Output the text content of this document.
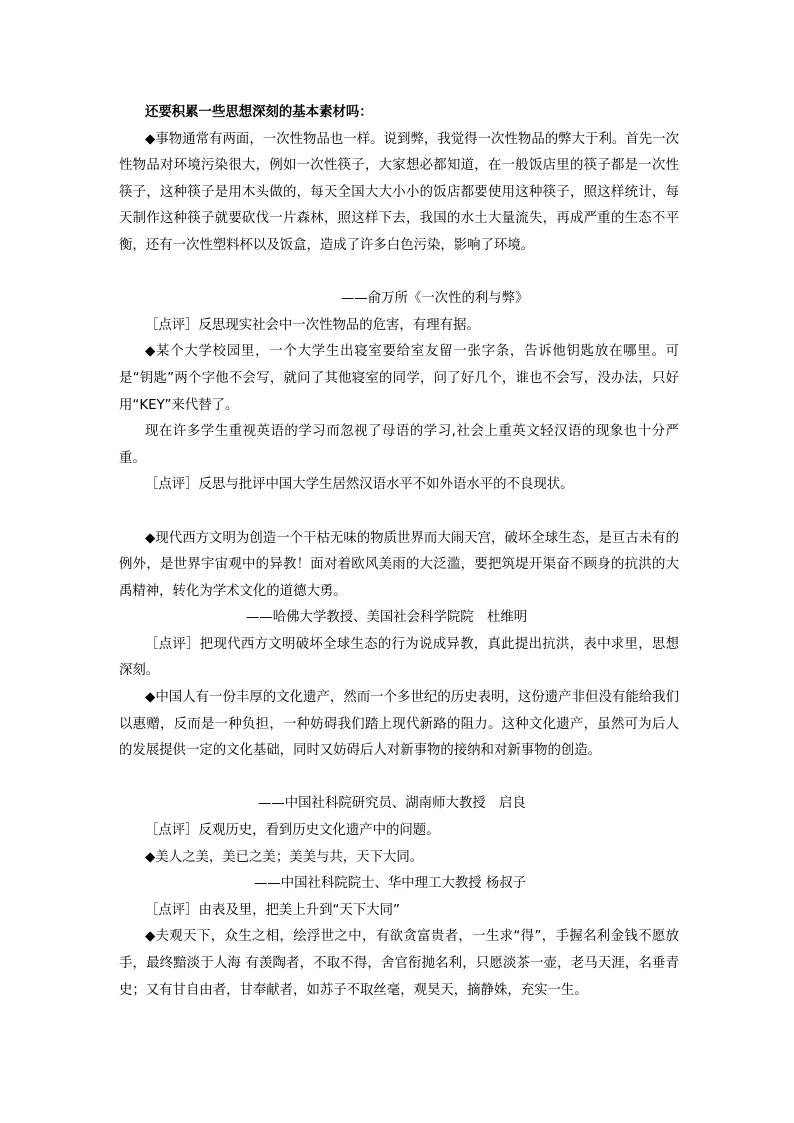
还要积累一些思想深刻的基本素材吗：

◆事物通常有两面，一次性物品也一样。说到弊，我觉得一次性物品的弊大于利。首先一次性物品对环境污染很大，例如一次性筷子，大家想必都知道，在一般饭店里的筷子都是一次性筷子，这种筷子是用木头做的，每天全国大大小小的饭店都要使用这种筷子，照这样统计，每天制作这种筷子就要砍伐一片森林，照这样下去，我国的水土大量流失，再成严重的生态不平衡，还有一次性塑料杯以及饭盒，造成了许多白色污染，影响了环境。

——俞万所《一次性的利与弊》

［点评］反思现实社会中一次性物品的危害，有理有据。

◆某个大学校园里，一个大学生出寝室要给室友留一张字条，告诉他钥匙放在哪里。可是“钥匙”两个字他不会写，就问了其他寝室的同学，问了好几个，谁也不会写，没办法，只好用“KEY”来代替了。

现在许多学生重视英语的学习而忽视了母语的学习,社会上重英文轻汉语的现象也十分严重。

［点评］反思与批评中国大学生居然汉语水平不如外语水平的不良现状。

◆现代西方文明为创造一个干枯无味的物质世界而大闹天宫，破坏全球生态，是亘古未有的例外，是世界宇宙观中的异教！面对着欧风美雨的大泛滥，要把筑堤开渠奋不顾身的抗洪的大禹精神，转化为学术文化的道德大勇。

——哈佛大学教授、美国社会科学院院　杜维明

［点评］把现代西方文明破坏全球生态的行为说成异教，真此提出抗洪，表中求里，思想深刻。

◆中国人有一份丰厚的文化遗产，然而一个多世纪的历史表明，这份遗产非但没有能给我们以惠赠，反而是一种负担，一种妨碍我们踏上现代新路的阻力。这种文化遗产，虽然可为后人的发展提供一定的文化基础，同时又妨碍后人对新事物的接纳和对新事物的创造。

——中国社科院研究员、湖南师大教授　启良

［点评］反观历史，看到历史文化遗产中的问题。

◆美人之美，美已之美；美美与共，天下大同。

——中国社科院院士、华中理工大教授 杨叔子

［点评］由表及里，把美上升到“天下大同”

◆夫观天下，众生之相，绘浮世之中，有欲贪富贵者，一生求“得”，手握名利金钱不愿放手，最终黯淡于人海 有羡陶者，不取不得，舍官衔抛名利，只愿淡茶一壶，老马天涯，名垂青史；又有甘自由者，甘奉献者，如苏子不取丝毫，观昊天，摘静姝，充实一生。
